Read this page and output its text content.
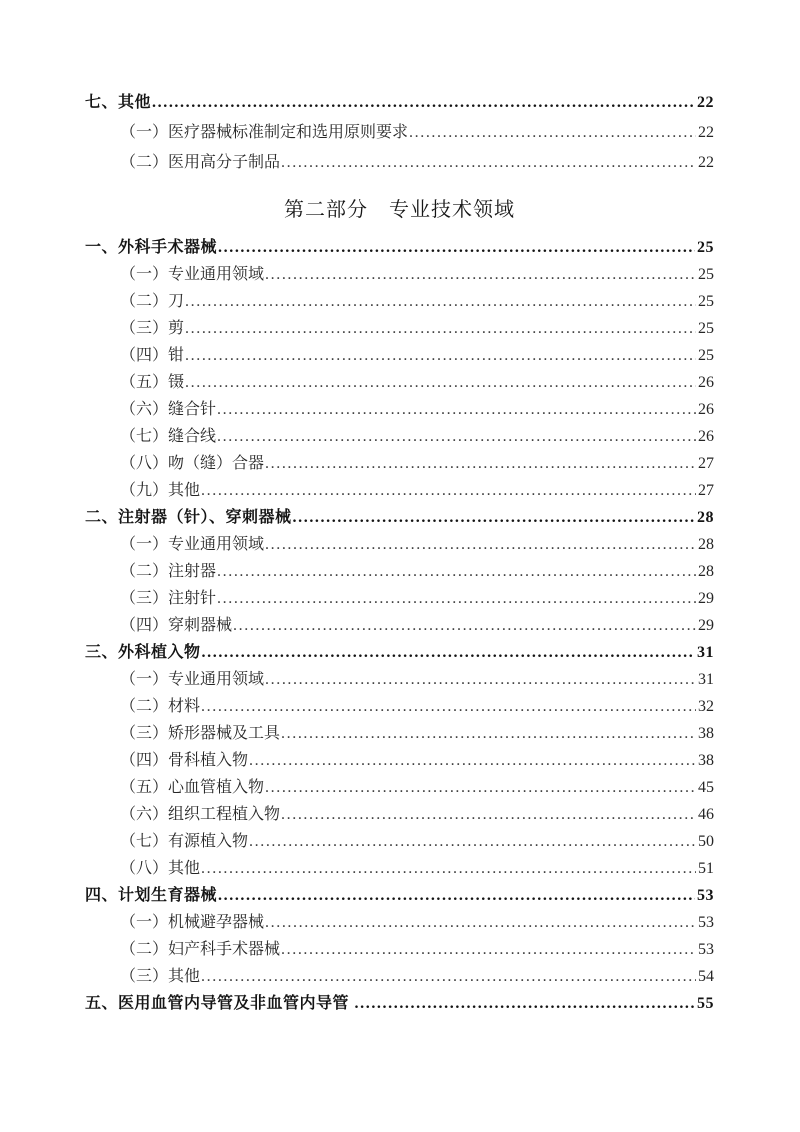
七、其他 .....	22
（一）医疗器械标准制定和选用原则要求 .....	22
（二）医用高分子制品 .....	22
第二部分　专业技术领域
一、外科手术器械 .....	25
（一）专业通用领域 .....	25
（二）刀 .....	25
（三）剪 .....	25
（四）钳 .....	25
（五）镊 .....	26
（六）缝合针 .....	26
（七）缝合线 .....	26
（八）吻（缝）合器 .....	27
（九）其他 .....	27
二、注射器（针）、穿刺器械 .....	28
（一）专业通用领域 .....	28
（二）注射器 .....	28
（三）注射针 .....	29
（四）穿刺器械 .....	29
三、外科植入物 .....	31
（一）专业通用领域 .....	31
（二）材料 .....	32
（三）矫形器械及工具 .....	38
（四）骨科植入物 .....	38
（五）心血管植入物 .....	45
（六）组织工程植入物 .....	46
（七）有源植入物 .....	50
（八）其他 .....	51
四、计划生育器械 .....	53
（一）机械避孕器械 .....	53
（二）妇产科手术器械 .....	53
（三）其他 .....	54
五、医用血管内导管及非血管内导管 .....	55
